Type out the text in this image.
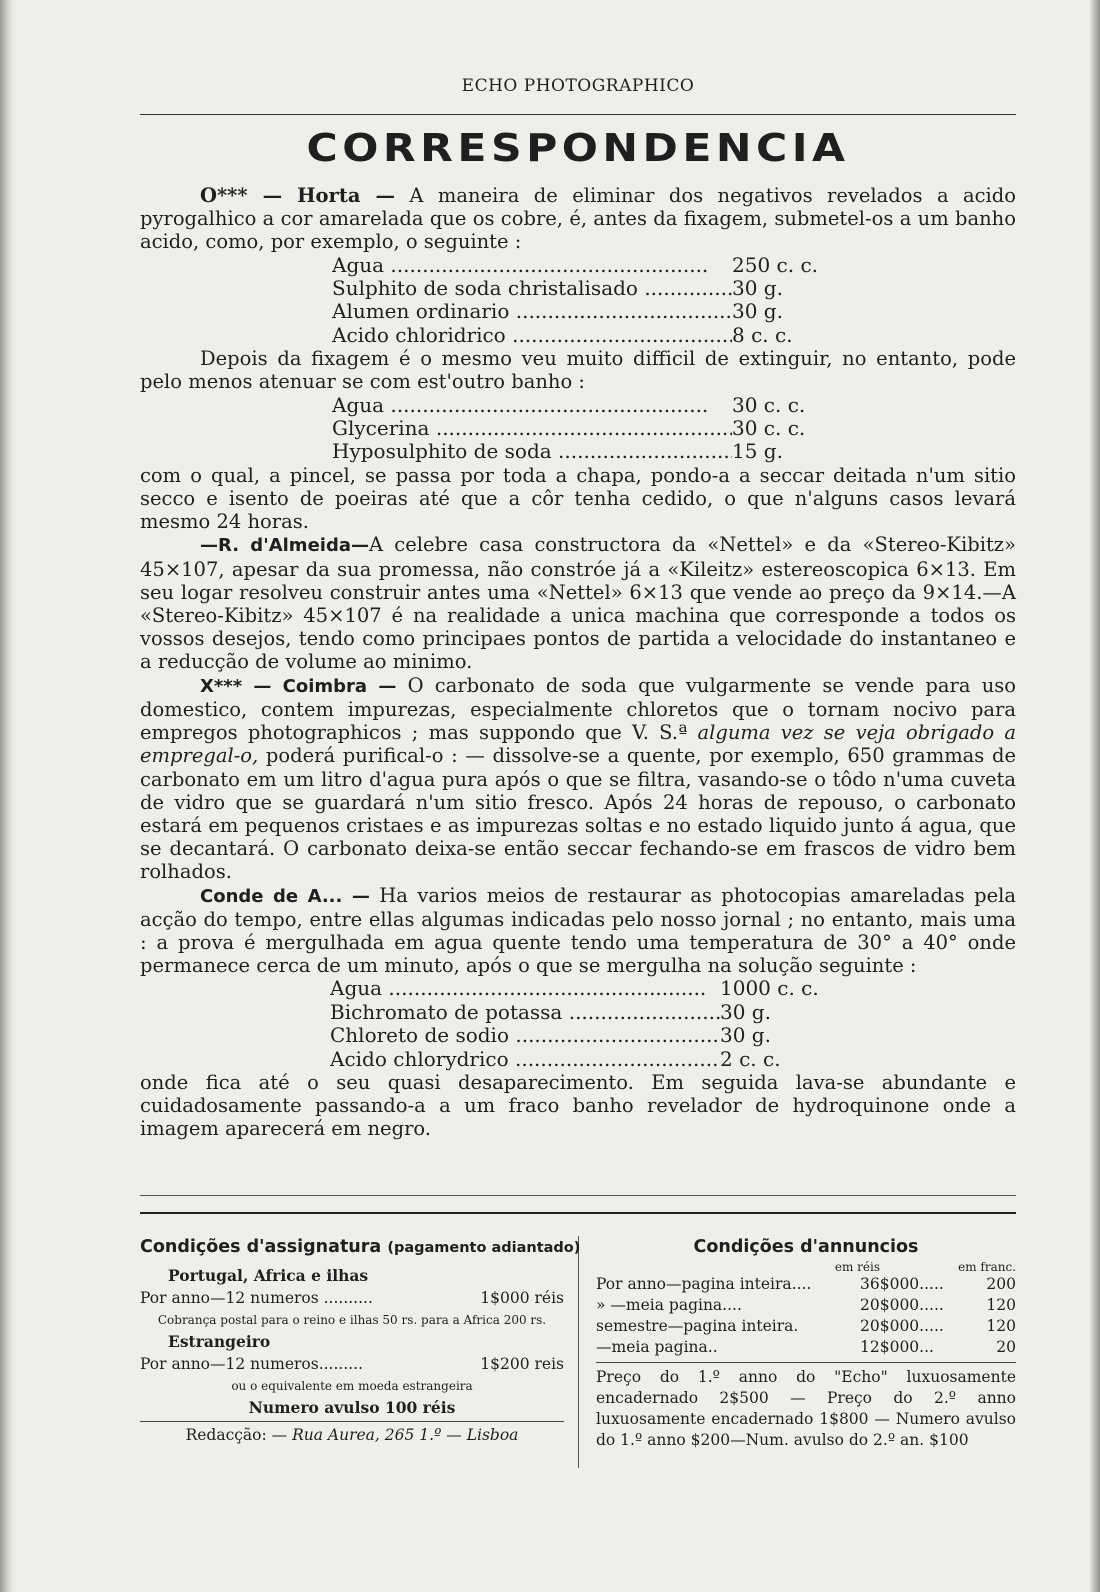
ECHO PHOTOGRAPHICO
CORRESPONDENCIA

O*** — Horta — A maneira de eliminar dos negativos revelados a acido pyrogalhico a cor amarelada que os cobre, é, antes da fixagem, submetel-os a um banho acido, como, por exemplo, o seguinte :

Agua .....	250 c. c.
Sulphito de soda christalisado .....	30 g.
Alumen ordinario .....	30 g.
Acido chloridrico .....	8 c. c.

Depois da fixagem é o mesmo veu muito difficil de extinguir, no entanto, pode pelo menos atenuar se com est'outro banho :

Agua .....	30 c. c.
Glycerina .....	30 c. c.
Hyposulphito de soda .....	15 g.

com o qual, a pincel, se passa por toda a chapa, pondo-a a seccar deitada n'um sitio secco e isento de poeiras até que a côr tenha cedido, o que n'alguns casos levará mesmo 24 horas.

—R. d'Almeida—A celebre casa constructora da «Nettel» e da «Stereo-Kibitz» 45×107, apesar da sua promessa, não constróe já a «Kileitz» estereoscopica 6×13. Em seu logar resolveu construir antes uma «Nettel» 6×13 que vende ao preço da 9×14.—A «Stereo-Kibitz» 45×107 é na realidade a unica machina que corresponde a todos os vossos desejos, tendo como principaes pontos de partida a velocidade do instantaneo e a reducção de volume ao minimo.

X*** — Coimbra — O carbonato de soda que vulgarmente se vende para uso domestico, contem impurezas, especialmente chloretos que o tornam nocivo para empregos photographicos ; mas suppondo que V. S.ª alguma vez se veja obrigado a empregal-o, poderá purifical-o : — dissolve-se a quente, por exemplo, 650 grammas de carbonato em um litro d'agua pura após o que se filtra, vasando-se o tôdo n'uma cuveta de vidro que se guardará n'um sitio fresco. Após 24 horas de repouso, o carbonato estará em pequenos cristaes e as impurezas soltas e no estado liquido junto á agua, que se decantará. O carbonato deixa-se então seccar fechando-se em frascos de vidro bem rolhados.

Conde de A... — Ha varios meios de restaurar as photocopias amareladas pela acção do tempo, entre ellas algumas indicadas pelo nosso jornal ; no entanto, mais uma : a prova é mergulhada em agua quente tendo uma temperatura de 30° a 40° onde permanece cerca de um minuto, após o que se mergulha na solução seguinte :

Agua .....	1000 c. c.
Bichromato de potassa .....	30 g.
Chloreto de sodio .....	30 g.
Acido chlorydrico .....	2 c. c.

onde fica até o seu quasi desaparecimento. Em seguida lava-se abundante e cuidadosamente passando-a a um fraco banho revelador de hydroquinone onde a imagem aparecerá em negro.

Condições d'assignatura (pagamento adiantado)
Portugal, Africa e ilhas
Por anno—12 numeros ..........	1$000 réis
Cobrança postal para o reino e ilhas 50 rs. para a Africa 200 rs.
Estrangeiro
Por anno—12 numeros.........	1$200 reis
ou o equivalente em moeda estrangeira
Numero avulso 100 réis
Redacção: — Rua Aurea, 265 1.º — Lisboa
Condições d'annuncios
em réis	em franc.
Por anno—pagina inteira....	36$000.....	200
» —meia pagina....	20$000.....	120
semestre—pagina inteira.	20$000.....	120
—meia pagina..	12$000...	20
Preço do 1.º anno do "Echo" luxuosamente encadernado 2$500 — Preço do 2.º anno luxuosamente encadernado 1$800 — Numero avulso do 1.º anno $200—Num. avulso do 2.º an. $100
